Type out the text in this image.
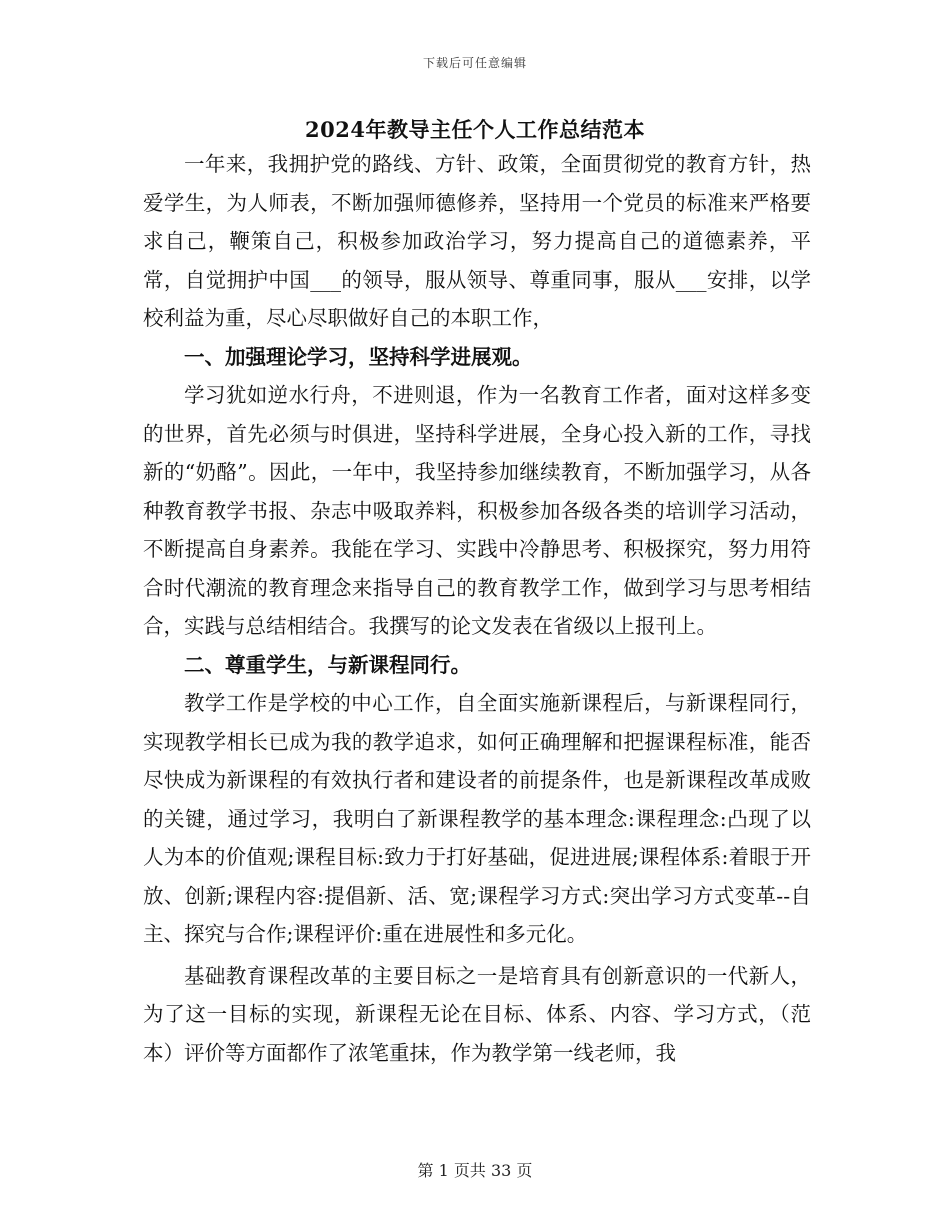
下载后可任意编辑
2024年教导主任个人工作总结范本

一年来，我拥护党的路线、方针、政策，全面贯彻党的教育方针，热爱学生，为人师表，不断加强师德修养，坚持用一个党员的标准来严格要求自己，鞭策自己，积极参加政治学习，努力提高自己的道德素养，平常，自觉拥护中国___的领导，服从领导、尊重同事，服从___安排，以学校利益为重，尽心尽职做好自己的本职工作，

一、加强理论学习，坚持科学进展观。

学习犹如逆水行舟，不进则退，作为一名教育工作者，面对这样多变的世界，首先必须与时俱进，坚持科学进展，全身心投入新的工作，寻找新的“奶酪”。因此，一年中，我坚持参加继续教育，不断加强学习，从各种教育教学书报、杂志中吸取养料，积极参加各级各类的培训学习活动，不断提高自身素养。我能在学习、实践中冷静思考、积极探究，努力用符合时代潮流的教育理念来指导自己的教育教学工作，做到学习与思考相结合，实践与总结相结合。我撰写的论文发表在省级以上报刊上。

二、尊重学生，与新课程同行。

教学工作是学校的中心工作，自全面实施新课程后，与新课程同行，实现教学相长已成为我的教学追求，如何正确理解和把握课程标准，能否尽快成为新课程的有效执行者和建设者的前提条件，也是新课程改革成败的关键，通过学习，我明白了新课程教学的基本理念:课程理念:凸现了以人为本的价值观;课程目标:致力于打好基础，促进进展;课程体系:着眼于开放、创新;课程内容:提倡新、活、宽;课程学习方式:突出学习方式变革--自主、探究与合作;课程评价:重在进展性和多元化。

基础教育课程改革的主要目标之一是培育具有创新意识的一代新人，为了这一目标的实现，新课程无论在目标、体系、内容、学习方式，（范本）评价等方面都作了浓笔重抹，作为教学第一线老师，我

第 1 页共 33 页
